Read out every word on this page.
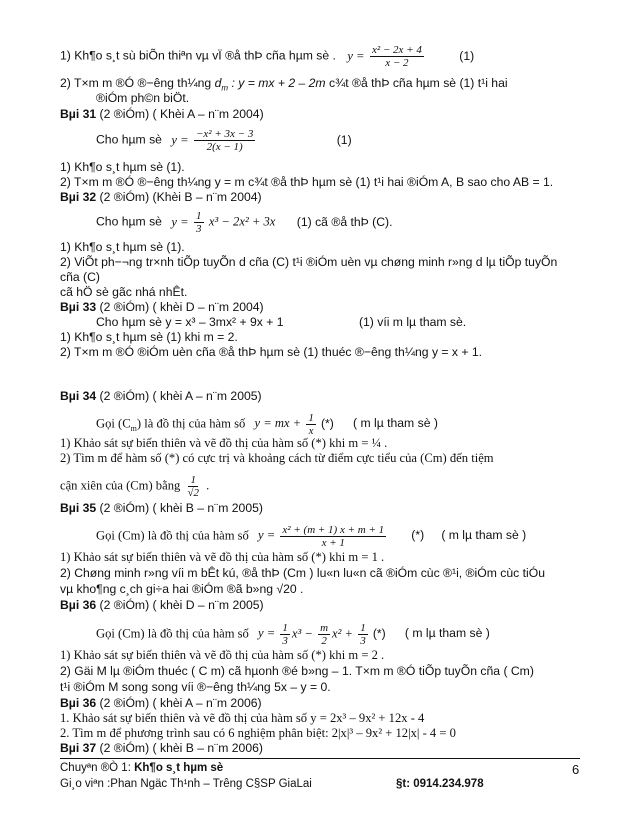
1) Kh¶o s¸t sù biÕn thiªn vµ vÏ ®å thÞ cña hµm sè . $y = \frac{\text{x² − 2x + 4}}{x - 2}$	(1)
2) T×m m ®Ó ®−êng th¼ng $d_m$ : y = mx + 2 – 2m c¾t ®å thÞ cña hµm sè (1) t¹i hai
®iÓm ph©n biÖt.
Bµi 31 (2 ®iÓm) ( Khèi A – n¨m 2004)
Cho hµm sè $y = \frac{\text{−x² + 3x − 3}}{2(x - 1)}$	(1)
1) Kh¶o s¸t hµm sè (1).
2) T×m m ®Ó ®−êng th¼ng y = m c¾t ®å thÞ hµm sè (1) t¹i hai ®iÓm A, B sao cho AB = 1.
Bµi 32 (2 ®iÓm) (Khèi B – n¨m 2004)
Cho hµm sè $y = \frac{1}{3} x^3 - 2x^2 + 3x$ (1) cã ®å thÞ (C).
1) Kh¶o s¸t hµm sè (1).
2) ViÕt ph−¬ng tr×nh tiÕp tuyÕn d cña (C) t¹i ®iÓm uèn vµ chøng minh r»ng d lµ tiÕp tuyÕn
cña (C)
cã hÖ sè gãc nhá nhÊt.
Bµi 33 (2 ®iÓm) ( khèi D – n¨m 2004)
Cho hµm sè y = x³ – 3mx² + 9x + 1	(1) víi m lµ tham sè.
1) Kh¶o s¸t hµm sè (1) khi m = 2.
2) T×m m ®Ó ®iÓm uèn cña ®å thÞ hµm sè (1) thuéc ®−êng th¼ng y = x + 1.
Bµi 34 (2 ®iÓm) ( khèi A – n¨m 2005)
Gọi $(C_m)$ là đồ thị của hàm số y = mx + $\frac{1}{x}$ (*) ( m lµ tham sè )
1) Khảo sát sự biến thiên và vẽ đồ thị của hàm số (*) khi m = ¼ .
2) Tìm m để hàm số (*) có cực trị và khoảng cách từ điểm cực tiểu của (Cm) đến tiệm
cận xiên của (Cm) bằng $\frac{1}{√2}$ .
Bµi 35 (2 ®iÓm) ( khèi B – n¨m 2005)
Gọi (Cm) là đồ thị của hàm số $y = \frac{\text{x² + (m + 1) x + m + 1}}{x + 1}$ (*) ( m lµ tham sè )
1) Khảo sát sự biến thiên và vẽ đồ thị của hàm số (*) khi m = 1 .
2) Chøng minh r»ng víi m bÊt kú, ®å thÞ (Cm ) lu«n lu«n cã ®iÓm cùc ®¹i, ®iÓm cùc tiÓu
vµ kho¶ng c¸ch gi÷a hai ®iÓm ®ã b»ng √20 .
Bµi 36 (2 ®iÓm) ( khèi D – n¨m 2005)
Gọi (Cm) là đồ thị của hàm số $y = \frac{1}{3} x^3 - \frac{m}{2} x^2 + \frac{1}{3}$ (*) ( m lµ tham sè )
1) Khảo sát sự biến thiên và vẽ đồ thị của hàm số (*) khi m = 2 .
2) Gäi M lµ ®iÓm thuéc ( C m) cã hµonh ®é b»ng – 1. T×m m ®Ó tiÕp tuyÕn cña ( Cm)
t¹i ®iÓm M song song víi ®−êng th¼ng 5x – y = 0.
Bµi 36 (2 ®iÓm) ( khèi A – n¨m 2006)
1. Khảo sát sự biến thiên và vẽ đồ thị của hàm số y = 2x³ – 9x² + 12x - 4
2. Tìm m để phương trình sau có 6 nghiệm phân biệt: 2|x|³ – 9x² + 12|x| - 4 = 0
Bµi 37 (2 ®iÓm) ( khèi B – n¨m 2006)
Chuyªn ®Ò 1: Kh¶o s¸t hµm sè
Gi¸o viªn :Phan Ngäc Th¹nh – Trêng C§SP GiaLai	§t: 0914.234.978
6
